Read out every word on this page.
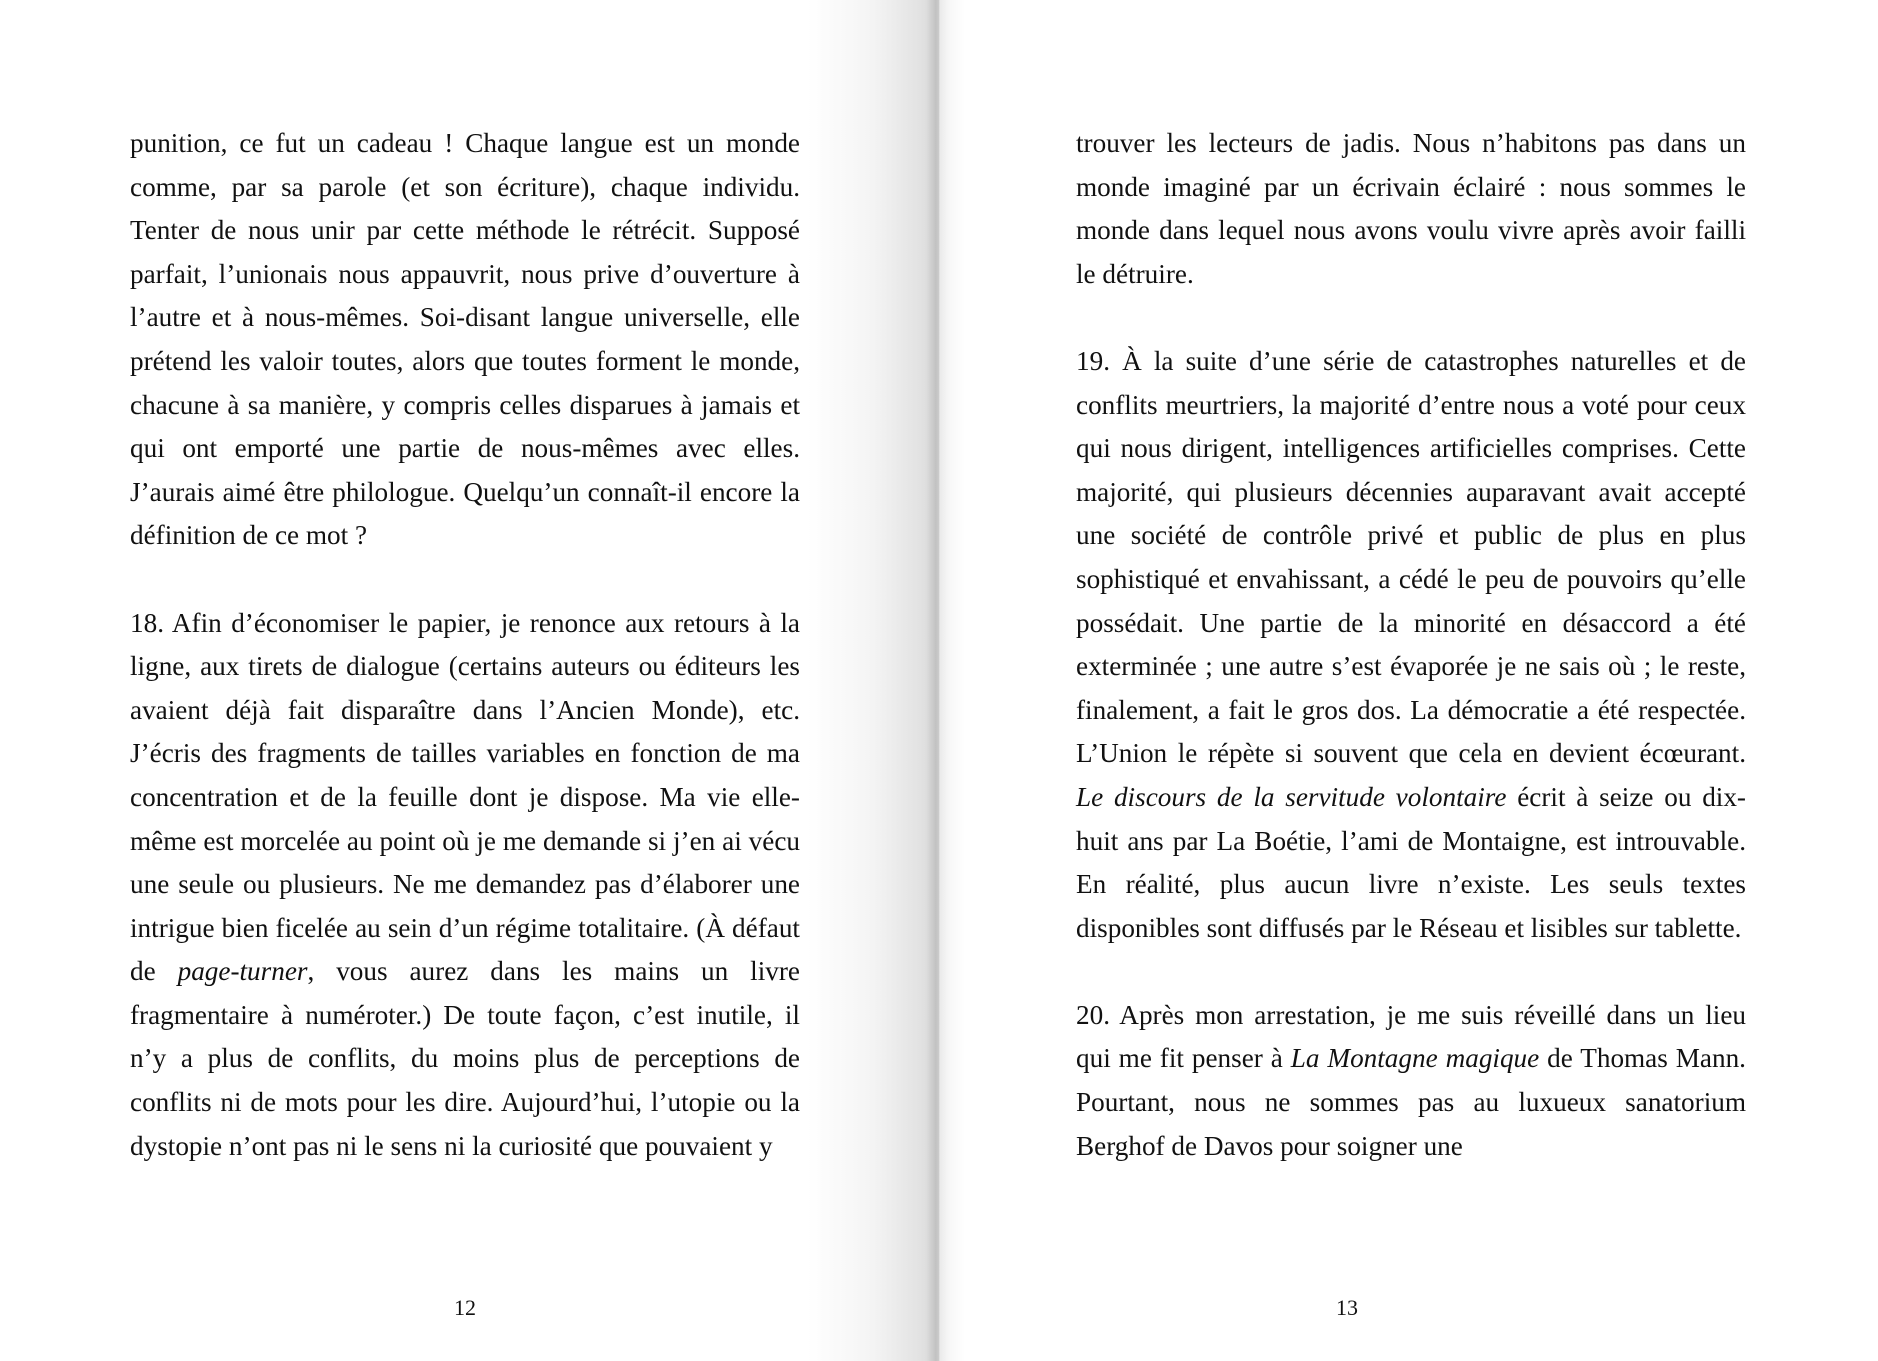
punition, ce fut un cadeau ! Chaque langue est un monde comme, par sa parole (et son écriture), chaque individu. Tenter de nous unir par cette méthode le rétrécit. Supposé parfait, l’unionais nous appauvrit, nous prive d’ouverture à l’autre et à nous-mêmes. Soi-disant langue universelle, elle prétend les valoir toutes, alors que toutes forment le monde, chacune à sa manière, y compris celles disparues à jamais et qui ont emporté une partie de nous-mêmes avec elles. J’aurais aimé être philologue. Quelqu’un connaît-il encore la définition de ce mot ?

18. Afin d’économiser le papier, je renonce aux retours à la ligne, aux tirets de dialogue (certains auteurs ou éditeurs les avaient déjà fait disparaître dans l’Ancien Monde), etc. J’écris des fragments de tailles variables en fonction de ma concentration et de la feuille dont je dispose. Ma vie elle-même est morcelée au point où je me demande si j’en ai vécu une seule ou plusieurs. Ne me demandez pas d’élaborer une intrigue bien ficelée au sein d’un régime totalitaire. (À défaut de page-turner, vous aurez dans les mains un livre fragmentaire à numéroter.) De toute façon, c’est inutile, il n’y a plus de conflits, du moins plus de perceptions de conflits ni de mots pour les dire. Aujourd’hui, l’utopie ou la dystopie n’ont pas ni le sens ni la curiosité que pouvaient y

12

trouver les lecteurs de jadis. Nous n’habitons pas dans un monde imaginé par un écrivain éclairé : nous sommes le monde dans lequel nous avons voulu vivre après avoir failli le détruire.

19. À la suite d’une série de catastrophes naturelles et de conflits meurtriers, la majorité d’entre nous a voté pour ceux qui nous dirigent, intelligences artificielles comprises. Cette majorité, qui plusieurs décennies auparavant avait accepté une société de contrôle privé et public de plus en plus sophistiqué et envahissant, a cédé le peu de pouvoirs qu’elle possédait. Une partie de la minorité en désaccord a été exterminée ; une autre s’est évaporée je ne sais où ; le reste, finalement, a fait le gros dos. La démocratie a été respectée. L’Union le répète si souvent que cela en devient écœurant. Le discours de la servitude volontaire écrit à seize ou dix-huit ans par La Boétie, l’ami de Montaigne, est introuvable. En réalité, plus aucun livre n’existe. Les seuls textes disponibles sont diffusés par le Réseau et lisibles sur tablette.

20. Après mon arrestation, je me suis réveillé dans un lieu qui me fit penser à La Montagne magique de Thomas Mann. Pourtant, nous ne sommes pas au luxueux sanatorium Berghof de Davos pour soigner une

13
